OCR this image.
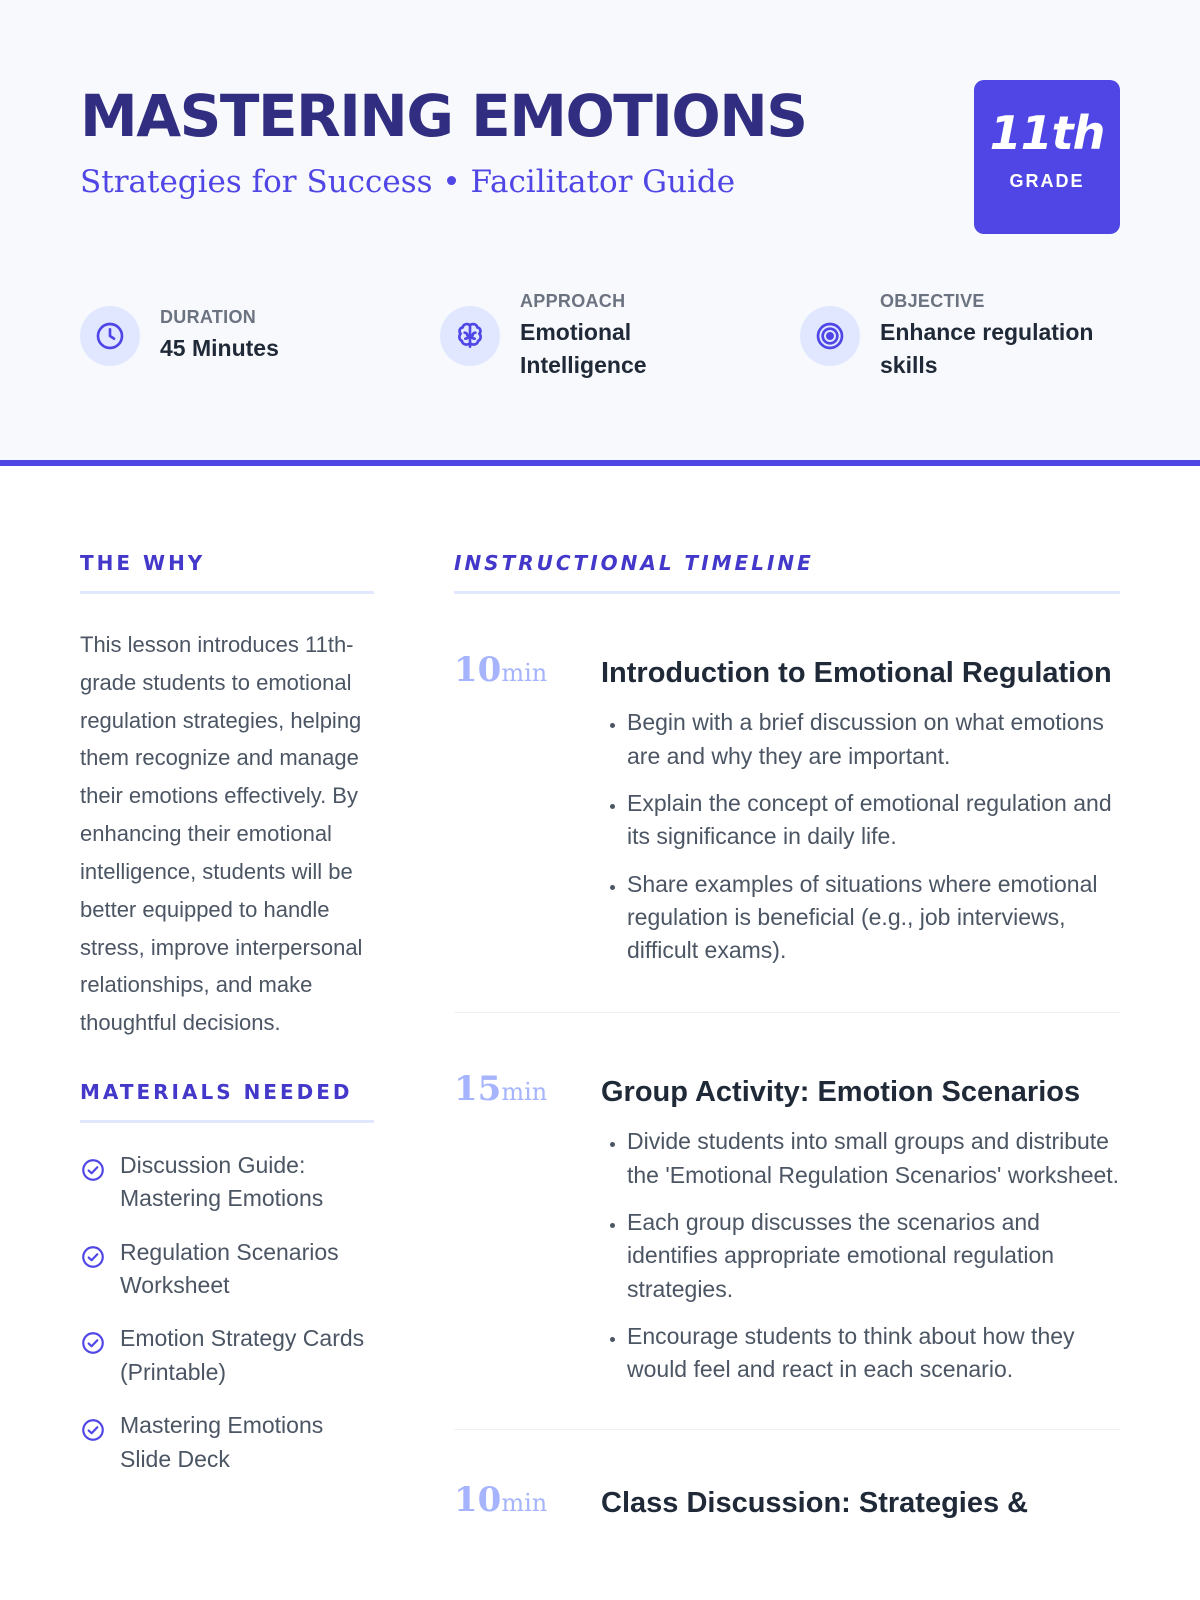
MASTERING EMOTIONS
Strategies for Success • Facilitator Guide
11th
GRADE
DURATION
45 Minutes
APPROACH
Emotional Intelligence
OBJECTIVE
Enhance regulation skills
THE WHY

This lesson introduces 11th-grade students to emotional regulation strategies, helping them recognize and manage their emotions effectively. By enhancing their emotional intelligence, students will be better equipped to handle stress, improve interpersonal relationships, and make thoughtful decisions.

MATERIALS NEEDED
Discussion Guide: Mastering Emotions
Regulation Scenarios Worksheet
Emotion Strategy Cards (Printable)
Mastering Emotions Slide Deck
INSTRUCTIONAL TIMELINE
10min Introduction to Emotional Regulation
• Begin with a brief discussion on what emotions are and why they are important.
• Explain the concept of emotional regulation and its significance in daily life.
• Share examples of situations where emotional regulation is beneficial (e.g., job interviews, difficult exams).
15min Group Activity: Emotion Scenarios
• Divide students into small groups and distribute the 'Emotional Regulation Scenarios' worksheet.
• Each group discusses the scenarios and identifies appropriate emotional regulation strategies.
• Encourage students to think about how they would feel and react in each scenario.
10min Class Discussion: Strategies &
